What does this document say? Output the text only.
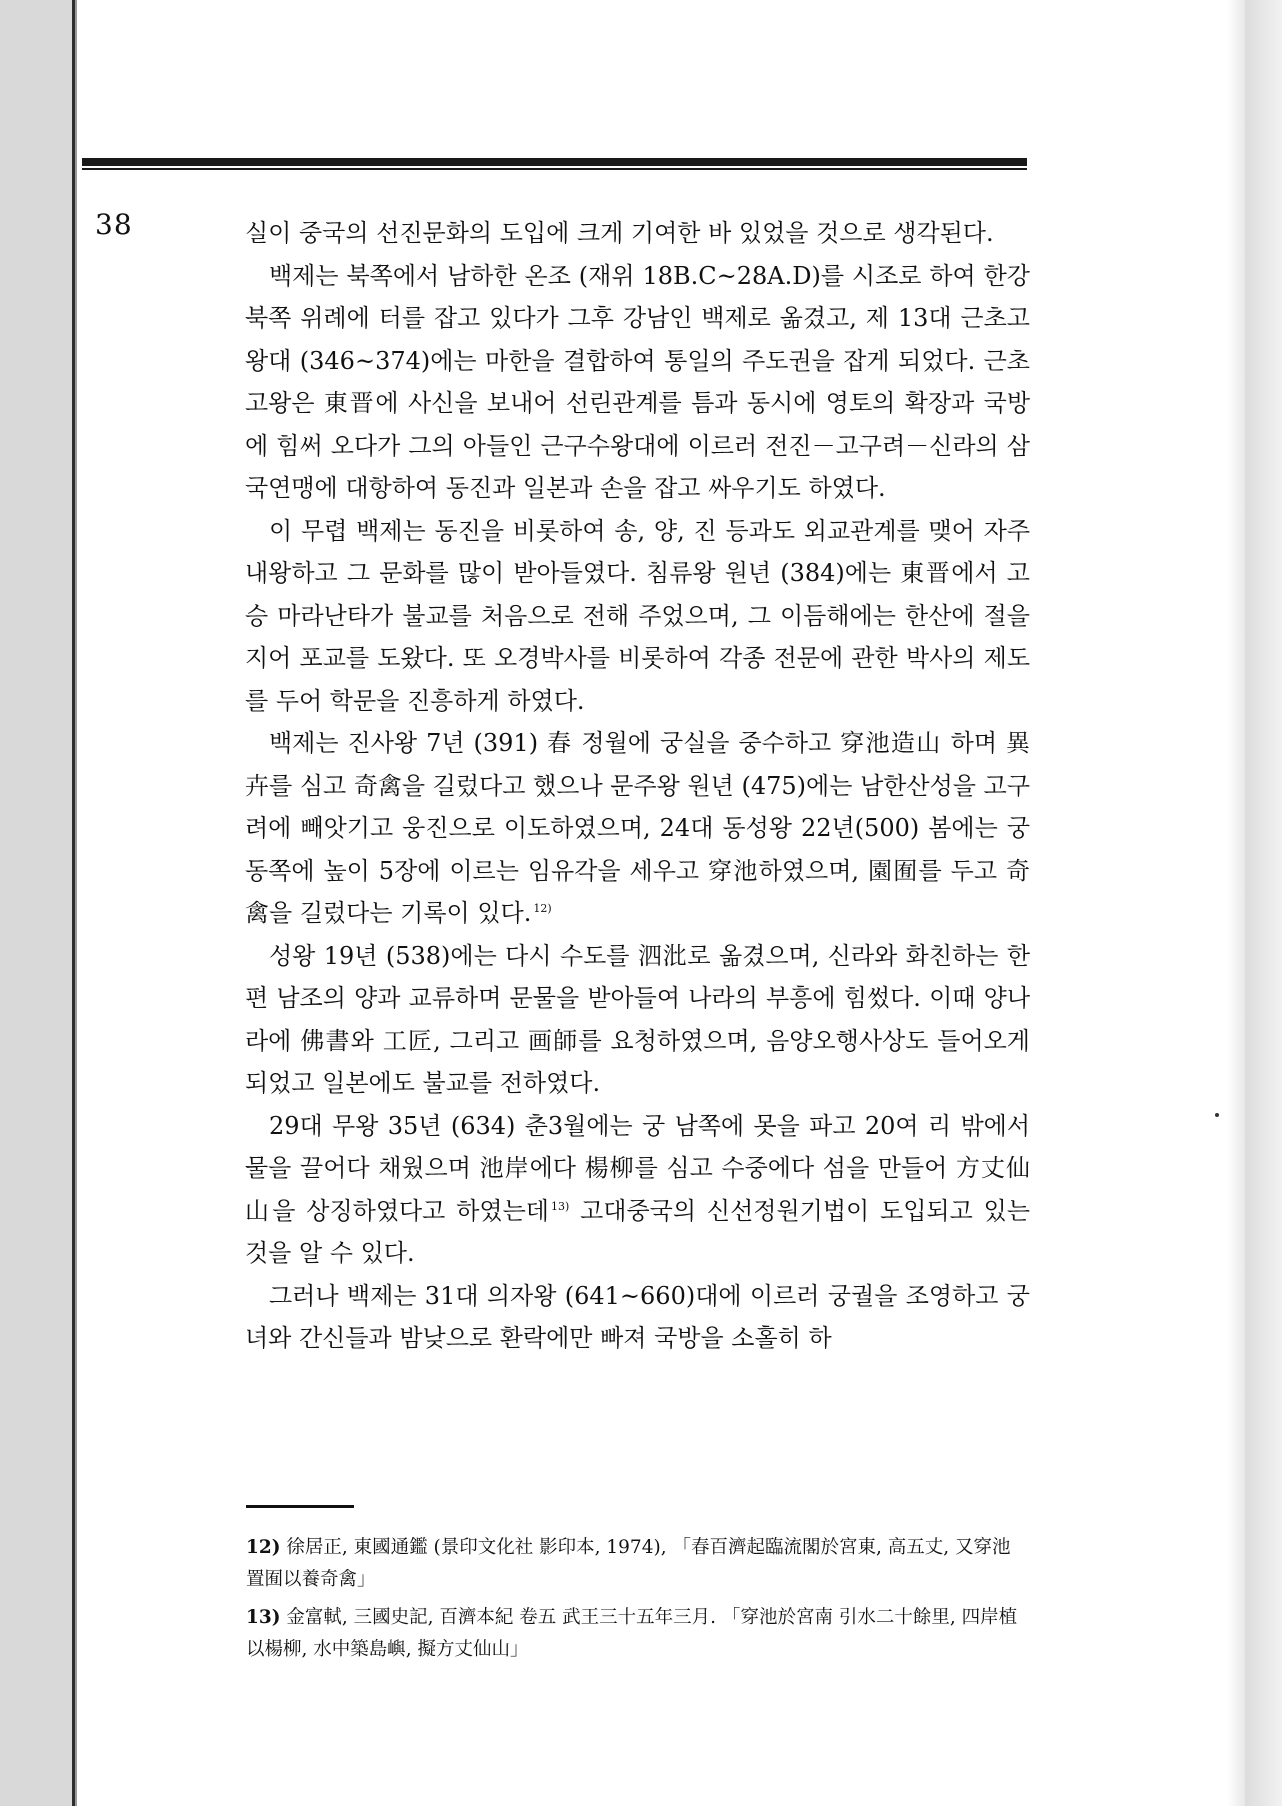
38	실이 중국의 선진문화의 도입에 크게 기여한 바 있었을 것으로 생각된다.

백제는 북쪽에서 남하한 온조 (재위 18B.C~28A.D)를 시조로 하여 한강 북쪽 위례에 터를 잡고 있다가 그후 강남인 백제로 옮겼고, 제 13대 근초고왕대 (346~374)에는 마한을 결합하여 통일의 주도권을 잡게 되었다. 근초고왕은 東晋에 사신을 보내어 선린관계를 틈과 동시에 영토의 확장과 국방에 힘써 오다가 그의 아들인 근구수왕대에 이르러 전진－고구려－신라의 삼국연맹에 대항하여 동진과 일본과 손을 잡고 싸우기도 하였다.

이 무렵 백제는 동진을 비롯하여 송, 양, 진 등과도 외교관계를 맺어 자주 내왕하고 그 문화를 많이 받아들였다. 침류왕 원년 (384)에는 東晋에서 고승 마라난타가 불교를 처음으로 전해 주었으며, 그 이듬해에는 한산에 절을 지어 포교를 도왔다. 또 오경박사를 비롯하여 각종 전문에 관한 박사의 제도를 두어 학문을 진흥하게 하였다.

백제는 진사왕 7년 (391) 春 정월에 궁실을 중수하고 穿池造山 하며 異卉를 심고 奇禽을 길렀다고 했으나 문주왕 원년 (475)에는 남한산성을 고구려에 빼앗기고 웅진으로 이도하였으며, 24대 동성왕 22년(500) 봄에는 궁 동쪽에 높이 5장에 이르는 임유각을 세우고 穿池하였으며, 園囿를 두고 奇禽을 길렀다는 기록이 있다. $^{12)}$

성왕 19년 (538)에는 다시 수도를 泗沘로 옮겼으며, 신라와 화친하는 한편 남조의 양과 교류하며 문물을 받아들여 나라의 부흥에 힘썼다. 이때 양나라에 佛書와 工匠, 그리고 画師를 요청하였으며, 음양오행사상도 들어오게 되었고 일본에도 불교를 전하였다.

29대 무왕 35년 (634) 춘3월에는 궁 남쪽에 못을 파고 20여 리 밖에서 물을 끌어다 채웠으며 池岸에다 楊柳를 심고 수중에다 섬을 만들어 方丈仙山을 상징하였다고 하였는데 $^{13)}$ 고대중국의 신선정원기법이 도입되고 있는 것을 알 수 있다.

그러나 백제는 31대 의자왕 (641~660)대에 이르러 궁궐을 조영하고 궁녀와 간신들과 밤낮으로 환락에만 빠져 국방을 소홀히 하

12) 徐居正, 東國通鑑 (景印文化社 影印本, 1974), 「春百濟起臨流閣於宮東, 高五丈, 又穿池 置囿以養奇禽」

13) 金富軾, 三國史記, 百濟本紀 卷五 武王三十五年三月. 「穿池於宮南 引水二十餘里, 四岸植以楊柳, 水中築島嶼, 擬方丈仙山」
